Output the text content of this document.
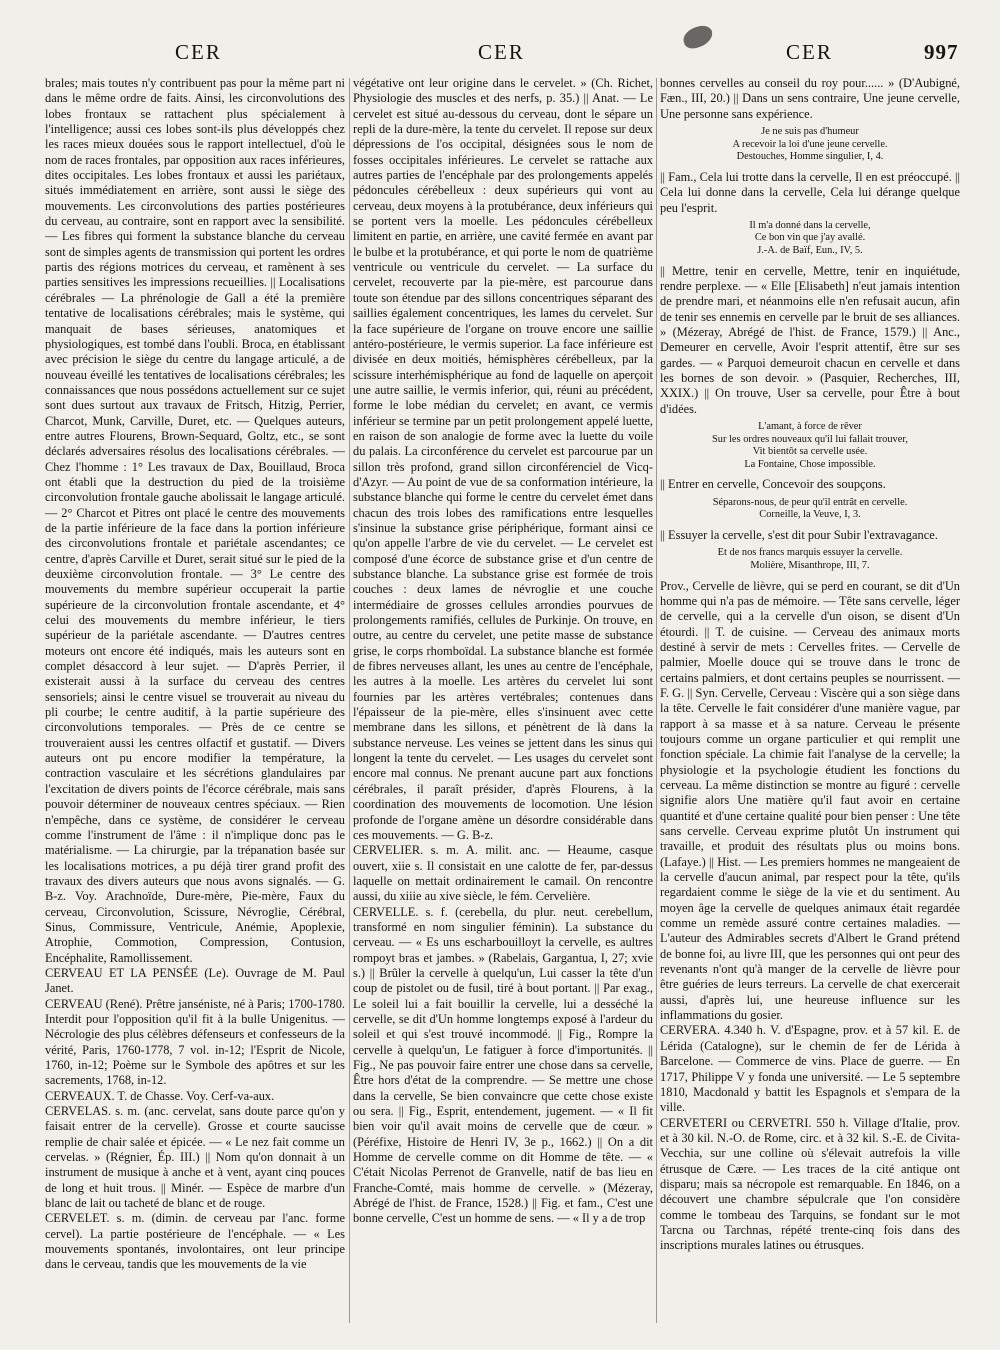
CER	CER	CER	997

brales; mais toutes n'y contribuent pas pour la même part ni dans le même ordre de faits. Ainsi, les circonvolutions des lobes frontaux se rattachent plus spécialement à l'intelligence; aussi ces lobes sont-ils plus développés chez les races mieux douées sous le rapport intellectuel, d'où le nom de races frontales, par opposition aux races inférieures, dites occipitales. Les lobes frontaux et aussi les pariétaux, situés immédiatement en arrière, sont aussi le siège des mouvements. Les circonvolutions des parties postérieures du cerveau, au contraire, sont en rapport avec la sensibilité. — Les fibres qui forment la substance blanche du cerveau sont de simples agents de transmission qui portent les ordres partis des régions motrices du cerveau, et ramènent à ses parties sensitives les impressions recueillies. || Localisations cérébrales — La phrénologie de Gall a été la première tentative de localisations cérébrales; mais le système, qui manquait de bases sérieuses, anatomiques et physiologiques, est tombé dans l'oubli. Broca, en établissant avec précision le siège du centre du langage articulé, a de nouveau éveillé les tentatives de localisations cérébrales; les connaissances que nous possédons actuellement sur ce sujet sont dues surtout aux travaux de Fritsch, Hitzig, Perrier, Charcot, Munk, Carville, Duret, etc. — Quelques auteurs, entre autres Flourens, Brown-Sequard, Goltz, etc., se sont déclarés adversaires résolus des localisations cérébrales. — Chez l'homme : 1° Les travaux de Dax, Bouillaud, Broca ont établi que la destruction du pied de la troisième circonvolution frontale gauche abolissait le langage articulé. — 2° Charcot et Pitres ont placé le centre des mouvements de la partie inférieure de la face dans la portion inférieure des circonvolutions frontale et pariétale ascendantes; ce centre, d'après Carville et Duret, serait situé sur le pied de la deuxième circonvolution frontale. — 3° Le centre des mouvements du membre supérieur occuperait la partie supérieure de la circonvolution frontale ascendante, et 4° celui des mouvements du membre inférieur, le tiers supérieur de la pariétale ascendante. — D'autres centres moteurs ont encore été indiqués, mais les auteurs sont en complet désaccord à leur sujet. — D'après Perrier, il existerait aussi à la surface du cerveau des centres sensoriels; ainsi le centre visuel se trouverait au niveau du pli courbe; le centre auditif, à la partie supérieure des circonvolutions temporales. — Près de ce centre se trouveraient aussi les centres olfactif et gustatif. — Divers auteurs ont pu encore modifier la température, la contraction vasculaire et les sécrétions glandulaires par l'excitation de divers points de l'écorce cérébrale, mais sans pouvoir déterminer de nouveaux centres spéciaux. — Rien n'empêche, dans ce système, de considérer le cerveau comme l'instrument de l'âme : il n'implique donc pas le matérialisme. — La chirurgie, par la trépanation basée sur les localisations motrices, a pu déjà tirer grand profit des travaux des divers auteurs que nous avons signalés. — G. B-z. Voy. Arachnoïde, Dure-mère, Pie-mère, Faux du cerveau, Circonvolution, Scissure, Névroglie, Cérébral, Sinus, Commissure, Ventricule, Anémie, Apoplexie, Atrophie, Commotion, Compression, Contusion, Encéphalite, Ramollissement.

CERVEAU ET LA PENSÉE (Le). Ouvrage de M. Paul Janet.

CERVEAU (René). Prêtre janséniste, né à Paris; 1700-1780. Interdit pour l'opposition qu'il fit à la bulle Unigenitus. — Nécrologie des plus célèbres défenseurs et confesseurs de la vérité, Paris, 1760-1778, 7 vol. in-12; l'Esprit de Nicole, 1760, in-12; Poème sur le Symbole des apôtres et sur les sacrements, 1768, in-12.

CERVEAUX. T. de Chasse. Voy. Cerf-va-aux.

CERVELAS. s. m. (anc. cervelat, sans doute parce qu'on y faisait entrer de la cervelle). Grosse et courte saucisse remplie de chair salée et épicée. — « Le nez fait comme un cervelas. » (Régnier, Ép. III.) || Nom qu'on donnait à un instrument de musique à anche et à vent, ayant cinq pouces de long et huit trous. || Minér. — Espèce de marbre d'un blanc de lait ou tacheté de blanc et de rouge.

CERVELET. s. m. (dimin. de cerveau par l'anc. forme cervel). La partie postérieure de l'encéphale. — « Les mouvements spontanés, involontaires, ont leur principe dans le cerveau, tandis que les mouvements de la vie

végétative ont leur origine dans le cervelet. » (Ch. Richet, Physiologie des muscles et des nerfs, p. 35.) || Anat. — Le cervelet est situé au-dessous du cerveau, dont le sépare un repli de la dure-mère, la tente du cervelet. Il repose sur deux dépressions de l'os occipital, désignées sous le nom de fosses occipitales inférieures. Le cervelet se rattache aux autres parties de l'encéphale par des prolongements appelés pédoncules cérébelleux : deux supérieurs qui vont au cerveau, deux moyens à la protubérance, deux inférieurs qui se portent vers la moelle. Les pédoncules cérébelleux limitent en partie, en arrière, une cavité fermée en avant par le bulbe et la protubérance, et qui porte le nom de quatrième ventricule ou ventricule du cervelet. — La surface du cervelet, recouverte par la pie-mère, est parcourue dans toute son étendue par des sillons concentriques séparant des saillies également concentriques, les lames du cervelet. Sur la face supérieure de l'organe on trouve encore une saillie antéro-postérieure, le vermis superior. La face inférieure est divisée en deux moitiés, hémisphères cérébelleux, par la scissure interhémisphérique au fond de laquelle on aperçoit une autre saillie, le vermis inferior, qui, réuni au précédent, forme le lobe médian du cervelet; en avant, ce vermis inférieur se termine par un petit prolongement appelé luette, en raison de son analogie de forme avec la luette du voile du palais. La circonférence du cervelet est parcourue par un sillon très profond, grand sillon circonférenciel de Vicq-d'Azyr. — Au point de vue de sa conformation intérieure, la substance blanche qui forme le centre du cervelet émet dans chacun des trois lobes des ramifications entre lesquelles s'insinue la substance grise périphérique, formant ainsi ce qu'on appelle l'arbre de vie du cervelet. — Le cervelet est composé d'une écorce de substance grise et d'un centre de substance blanche. La substance grise est formée de trois couches : deux lames de névroglie et une couche intermédiaire de grosses cellules arrondies pourvues de prolongements ramifiés, cellules de Purkinje. On trouve, en outre, au centre du cervelet, une petite masse de substance grise, le corps rhomboïdal. La substance blanche est formée de fibres nerveuses allant, les unes au centre de l'encéphale, les autres à la moelle. Les artères du cervelet lui sont fournies par les artères vertébrales; contenues dans l'épaisseur de la pie-mère, elles s'insinuent avec cette membrane dans les sillons, et pénètrent de là dans la substance nerveuse. Les veines se jettent dans les sinus qui longent la tente du cervelet. — Les usages du cervelet sont encore mal connus. Ne prenant aucune part aux fonctions cérébrales, il paraît présider, d'après Flourens, à la coordination des mouvements de locomotion. Une lésion profonde de l'organe amène un désordre considérable dans ces mouvements. — G. B-z.

CERVELIER. s. m. A. milit. anc. — Heaume, casque ouvert, xiie s. Il consistait en une calotte de fer, par-dessus laquelle on mettait ordinairement le camail. On rencontre aussi, du xiiie au xive siècle, le fém. Cervelière.

CERVELLE. s. f. (cerebella, du plur. neut. cerebellum, transformé en nom singulier féminin). La substance du cerveau. — « Es uns escharbouilloyt la cervelle, es aultres rompoyt bras et jambes. » (Rabelais, Gargantua, I, 27; xvie s.) || Brûler la cervelle à quelqu'un, Lui casser la tête d'un coup de pistolet ou de fusil, tiré à bout portant. || Par exag., Le soleil lui a fait bouillir la cervelle, lui a desséché la cervelle, se dit d'Un homme longtemps exposé à l'ardeur du soleil et qui s'est trouvé incommodé. || Fig., Rompre la cervelle à quelqu'un, Le fatiguer à force d'importunités. || Fig., Ne pas pouvoir faire entrer une chose dans sa cervelle, Être hors d'état de la comprendre. — Se mettre une chose dans la cervelle, Se bien convaincre que cette chose existe ou sera. || Fig., Esprit, entendement, jugement. — « Il fit bien voir qu'il avait moins de cervelle que de cœur. » (Péréfixe, Histoire de Henri IV, 3e p., 1662.) || On a dit Homme de cervelle comme on dit Homme de tête. — « C'était Nicolas Perrenot de Granvelle, natif de bas lieu en Franche-Comté, mais homme de cervelle. » (Mézeray, Abrégé de l'hist. de France, 1528.) || Fig. et fam., C'est une bonne cervelle, C'est un homme de sens. — « Il y a de trop

bonnes cervelles au conseil du roy pour...... » (D'Aubigné, Fæn., III, 20.) || Dans un sens contraire, Une jeune cervelle, Une personne sans expérience.

Je ne suis pas d'humeur
A recevoir la loi d'une jeune cervelle.
Destouches, Homme singulier, I, 4.

|| Fam., Cela lui trotte dans la cervelle, Il en est préoccupé. || Cela lui donne dans la cervelle, Cela lui dérange quelque peu l'esprit.

Il m'a donné dans la cervelle,
Ce bon vin que j'ay avallé.
J.-A. de Baïf, Eun., IV, 5.

|| Mettre, tenir en cervelle, Mettre, tenir en inquiétude, rendre perplexe. — « Elle [Elisabeth] n'eut jamais intention de prendre mari, et néanmoins elle n'en refusait aucun, afin de tenir ses ennemis en cervelle par le bruit de ses alliances. » (Mézeray, Abrégé de l'hist. de France, 1579.) || Anc., Demeurer en cervelle, Avoir l'esprit attentif, être sur ses gardes. — « Parquoi demeuroit chacun en cervelle et dans les bornes de son devoir. » (Pasquier, Recherches, III, XXIX.) || On trouve, User sa cervelle, pour Être à bout d'idées.

L'amant, à force de rêver
Sur les ordres nouveaux qu'il lui fallait trouver,
Vit bientôt sa cervelle usée.
La Fontaine, Chose impossible.

|| Entrer en cervelle, Concevoir des soupçons.

Séparons-nous, de peur qu'il entrât en cervelle.
Corneille, la Veuve, I, 3.

|| Essuyer la cervelle, s'est dit pour Subir l'extravagance.

Et de nos francs marquis essuyer la cervelle.
Molière, Misanthrope, III, 7.

Prov., Cervelle de lièvre, qui se perd en courant, se dit d'Un homme qui n'a pas de mémoire. — Tête sans cervelle, léger de cervelle, qui a la cervelle d'un oison, se disent d'Un étourdi. || T. de cuisine. — Cerveau des animaux morts destiné à servir de mets : Cervelles frites. — Cervelle de palmier, Moelle douce qui se trouve dans le tronc de certains palmiers, et dont certains peuples se nourrissent. — F. G. || Syn. Cervelle, Cerveau : Viscère qui a son siège dans la tête. Cervelle le fait considérer d'une manière vague, par rapport à sa masse et à sa nature. Cerveau le présente toujours comme un organe particulier et qui remplit une fonction spéciale. La chimie fait l'analyse de la cervelle; la physiologie et la psychologie étudient les fonctions du cerveau. La même distinction se montre au figuré : cervelle signifie alors Une matière qu'il faut avoir en certaine quantité et d'une certaine qualité pour bien penser : Une tête sans cervelle. Cerveau exprime plutôt Un instrument qui travaille, et produit des résultats plus ou moins bons. (Lafaye.) || Hist. — Les premiers hommes ne mangeaient de la cervelle d'aucun animal, par respect pour la tête, qu'ils regardaient comme le siège de la vie et du sentiment. Au moyen âge la cervelle de quelques animaux était regardée comme un remède assuré contre certaines maladies. — L'auteur des Admirables secrets d'Albert le Grand prétend de bonne foi, au livre III, que les personnes qui ont peur des revenants n'ont qu'à manger de la cervelle de lièvre pour être guéries de leurs terreurs. La cervelle de chat exercerait aussi, d'après lui, une heureuse influence sur les inflammations du gosier.

CERVERA. 4.340 h. V. d'Espagne, prov. et à 57 kil. E. de Lérida (Catalogne), sur le chemin de fer de Lérida à Barcelone. — Commerce de vins. Place de guerre. — En 1717, Philippe V y fonda une université. — Le 5 septembre 1810, Macdonald y battit les Espagnols et s'empara de la ville.

CERVETERI ou CERVETRI. 550 h. Village d'Italie, prov. et à 30 kil. N.-O. de Rome, circ. et à 32 kil. S.-E. de Civita-Vecchia, sur une colline où s'élevait autrefois la ville étrusque de Cære. — Les traces de la cité antique ont disparu; mais sa nécropole est remarquable. En 1846, on a découvert une chambre sépulcrale que l'on considère comme le tombeau des Tarquins, se fondant sur le mot Tarcna ou Tarchnas, répété trente-cinq fois dans des inscriptions murales latines ou étrusques.
